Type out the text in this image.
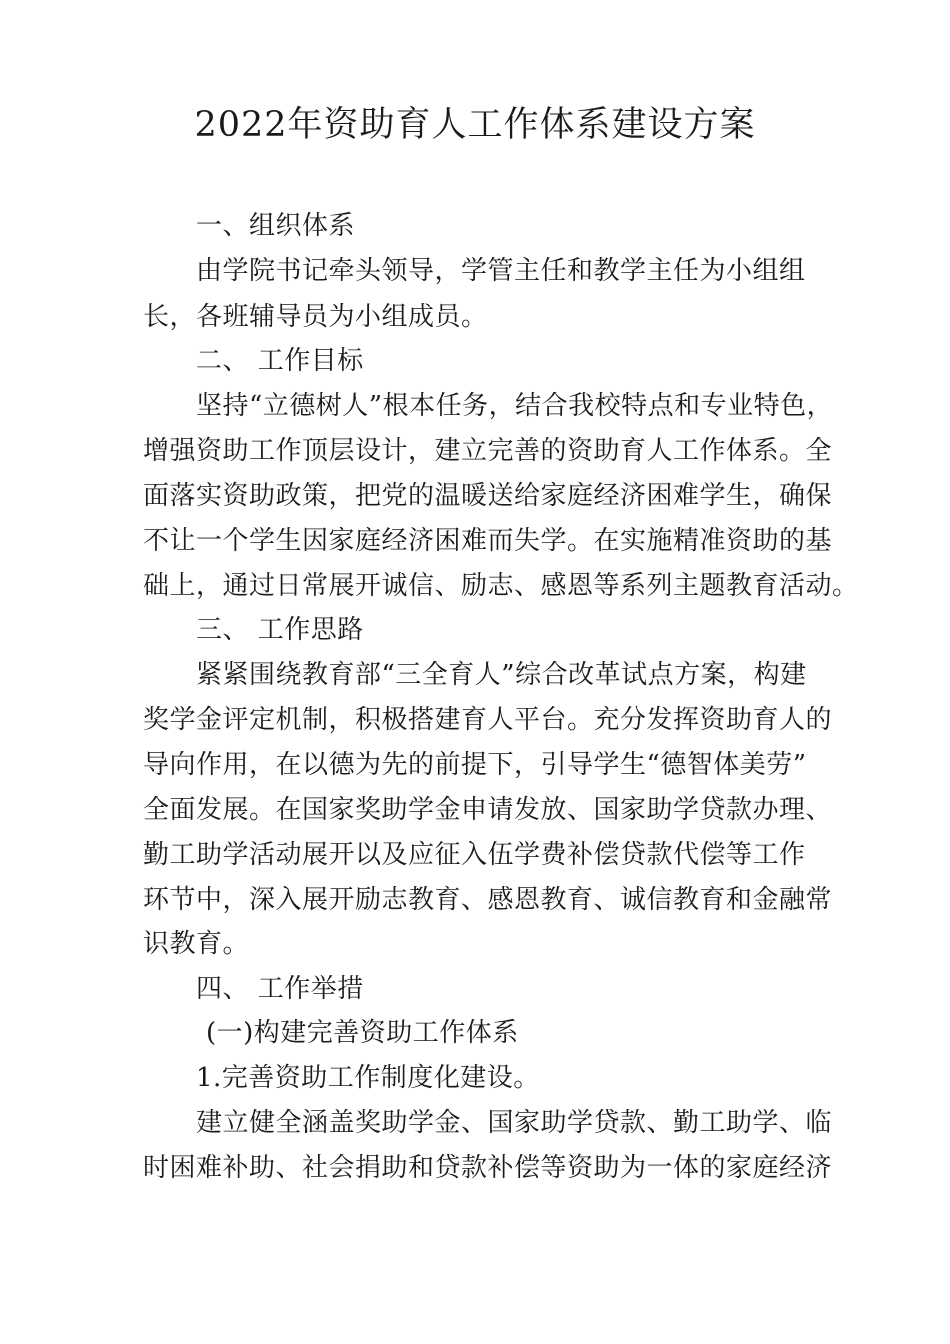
2022年资助育人工作体系建设方案
一、组织体系
由学院书记牵头领导，学管主任和教学主任为小组组
长，各班辅导员为小组成员。
二、 工作目标
坚持“立德树人”根本任务，结合我校特点和专业特色，
增强资助工作顶层设计，建立完善的资助育人工作体系。全
面落实资助政策，把党的温暖送给家庭经济困难学生，确保
不让一个学生因家庭经济困难而失学。在实施精准资助的基
础上，通过日常展开诚信、励志、感恩等系列主题教育活动。
三、 工作思路
紧紧围绕教育部“三全育人”综合改革试点方案，构建
奖学金评定机制，积极搭建育人平台。充分发挥资助育人的
导向作用，在以德为先的前提下，引导学生“德智体美劳”
全面发展。在国家奖助学金申请发放、国家助学贷款办理、
勤工助学活动展开以及应征入伍学费补偿贷款代偿等工作
环节中，深入展开励志教育、感恩教育、诚信教育和金融常
识教育。
四、 工作举措
(一)构建完善资助工作体系
1.完善资助工作制度化建设。
建立健全涵盖奖助学金、国家助学贷款、勤工助学、临
时困难补助、社会捐助和贷款补偿等资助为一体的家庭经济
